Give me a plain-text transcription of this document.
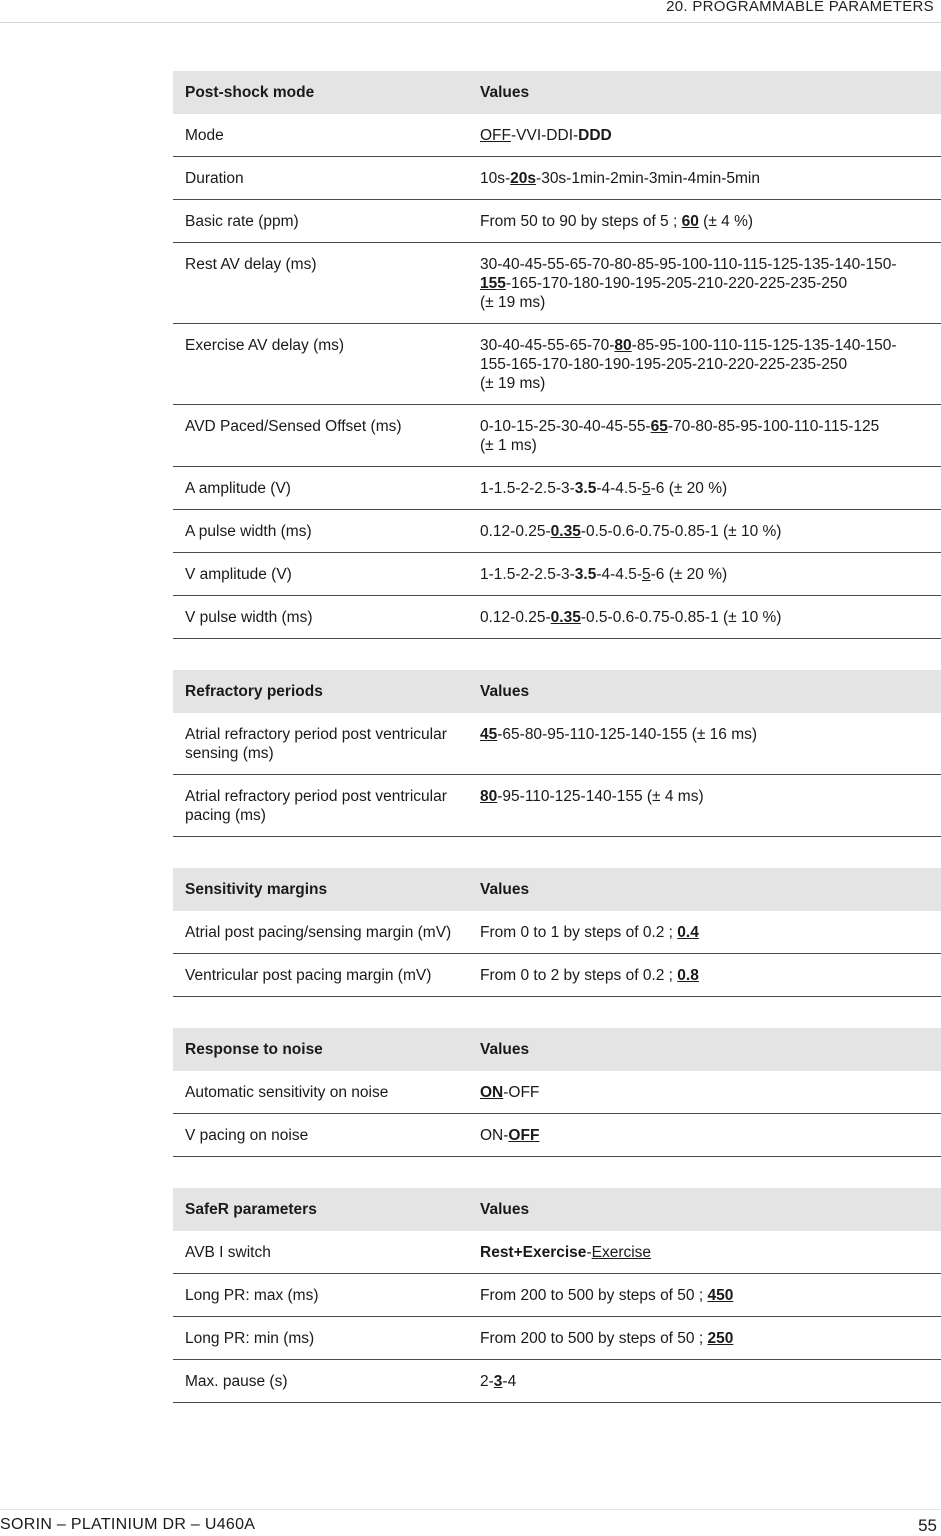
20. PROGRAMMABLE PARAMETERS
Post-shock mode	Values
Mode	OFF-VVI-DDI-DDD
Duration	10s-20s-30s-1min-2min-3min-4min-5min
Basic rate (ppm)	From 50 to 90 by steps of 5 ; 60 (± 4 %)
Rest AV delay (ms)	30-40-45-55-65-70-80-85-95-100-110-115-125-135-140-150-
155-165-170-180-190-195-205-210-220-225-235-250
(± 19 ms)
Exercise AV delay (ms)	30-40-45-55-65-70-80-85-95-100-110-115-125-135-140-150-
155-165-170-180-190-195-205-210-220-225-235-250
(± 19 ms)
AVD Paced/Sensed Offset (ms)	0-10-15-25-30-40-45-55-65-70-80-85-95-100-110-115-125
(± 1 ms)
A amplitude (V)	1-1.5-2-2.5-3-3.5-4-4.5-5-6 (± 20 %)
A pulse width (ms)	0.12-0.25-0.35-0.5-0.6-0.75-0.85-1 (± 10 %)
V amplitude (V)	1-1.5-2-2.5-3-3.5-4-4.5-5-6 (± 20 %)
V pulse width (ms)	0.12-0.25-0.35-0.5-0.6-0.75-0.85-1 (± 10 %)
Refractory periods	Values
Atrial refractory period post ventricular sensing (ms)	45-65-80-95-110-125-140-155 (± 16 ms)
Atrial refractory period post ventricular pacing (ms)	80-95-110-125-140-155 (± 4 ms)
Sensitivity margins	Values
Atrial post pacing/sensing margin (mV)	From 0 to 1 by steps of 0.2 ; 0.4
Ventricular post pacing margin (mV)	From 0 to 2 by steps of 0.2 ; 0.8
Response to noise	Values
Automatic sensitivity on noise	ON-OFF
V pacing on noise	ON-OFF
SafeR parameters	Values
AVB I switch	Rest+Exercise-Exercise
Long PR: max (ms)	From 200 to 500 by steps of 50 ; 450
Long PR: min (ms)	From 200 to 500 by steps of 50 ; 250
Max. pause (s)	2-3-4
SORIN – PLATINIUM DR – U460A	55
